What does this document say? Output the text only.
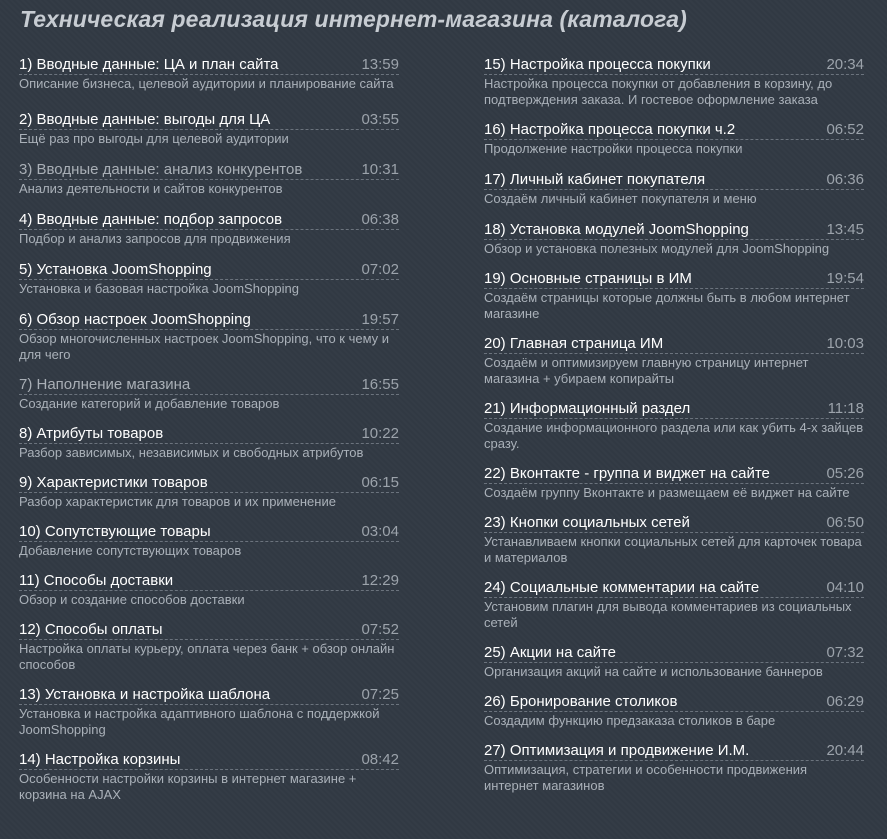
Техническая реализация интернет-магазина (каталога)
1) Вводные данные: ЦА и план сайта	13:59
Описание бизнеса, целевой аудитории и планирование сайта
2) Вводные данные: выгоды для ЦА	03:55
Ещё раз про выгоды для целевой аудитории
3) Вводные данные: анализ конкурентов	10:31
Анализ деятельности и сайтов конкурентов
4) Вводные данные: подбор запросов	06:38
Подбор и анализ запросов для продвижения
5) Установка JoomShopping	07:02
Установка и базовая настройка JoomShopping
6) Обзор настроек JoomShopping	19:57
Обзор многочисленных настроек JoomShopping, что к чему и для чего
7) Наполнение магазина	16:55
Создание категорий и добавление товаров
8) Атрибуты товаров	10:22
Разбор зависимых, независимых и свободных атрибутов
9) Характеристики товаров	06:15
Разбор характеристик для товаров и их применение
10) Сопутствующие товары	03:04
Добавление сопутствующих товаров
11) Способы доставки	12:29
Обзор и создание способов доставки
12) Способы оплаты	07:52
Настройка оплаты курьеру, оплата через банк + обзор онлайн способов
13) Установка и настройка шаблона	07:25
Установка и настройка адаптивного шаблона с поддержкой JoomShopping
14) Настройка корзины	08:42
Особенности настройки корзины в интернет магазине + корзина на AJAX
15) Настройка процесса покупки	20:34
Настройка процесса покупки от добавления в корзину, до подтверждения заказа. И гостевое оформление заказа
16) Настройка процесса покупки ч.2	06:52
Продолжение настройки процесса покупки
17) Личный кабинет покупателя	06:36
Создаём личный кабинет покупателя и меню
18) Установка модулей JoomShopping	13:45
Обзор и установка полезных модулей для JoomShopping
19) Основные страницы в ИМ	19:54
Создаём страницы которые должны быть в любом интернет магазине
20) Главная страница ИМ	10:03
Создаём и оптимизируем главную страницу интернет магазина + убираем копирайты
21) Информационный раздел	11:18
Создание информационного раздела или как убить 4-х зайцев сразу.
22) Вконтакте - группа и виджет на сайте	05:26
Создаём группу Вконтакте и размещаем её виджет на сайте
23) Кнопки социальных сетей	06:50
Устанавливаем кнопки социальных сетей для карточек товара и материалов
24) Социальные комментарии на сайте	04:10
Установим плагин для вывода комментариев из социальных сетей
25) Акции на сайте	07:32
Организация акций на сайте и использование баннеров
26) Бронирование столиков	06:29
Создадим функцию предзаказа столиков в баре
27) Оптимизация и продвижение И.М.	20:44
Оптимизация, стратегии и особенности продвижения интернет магазинов
